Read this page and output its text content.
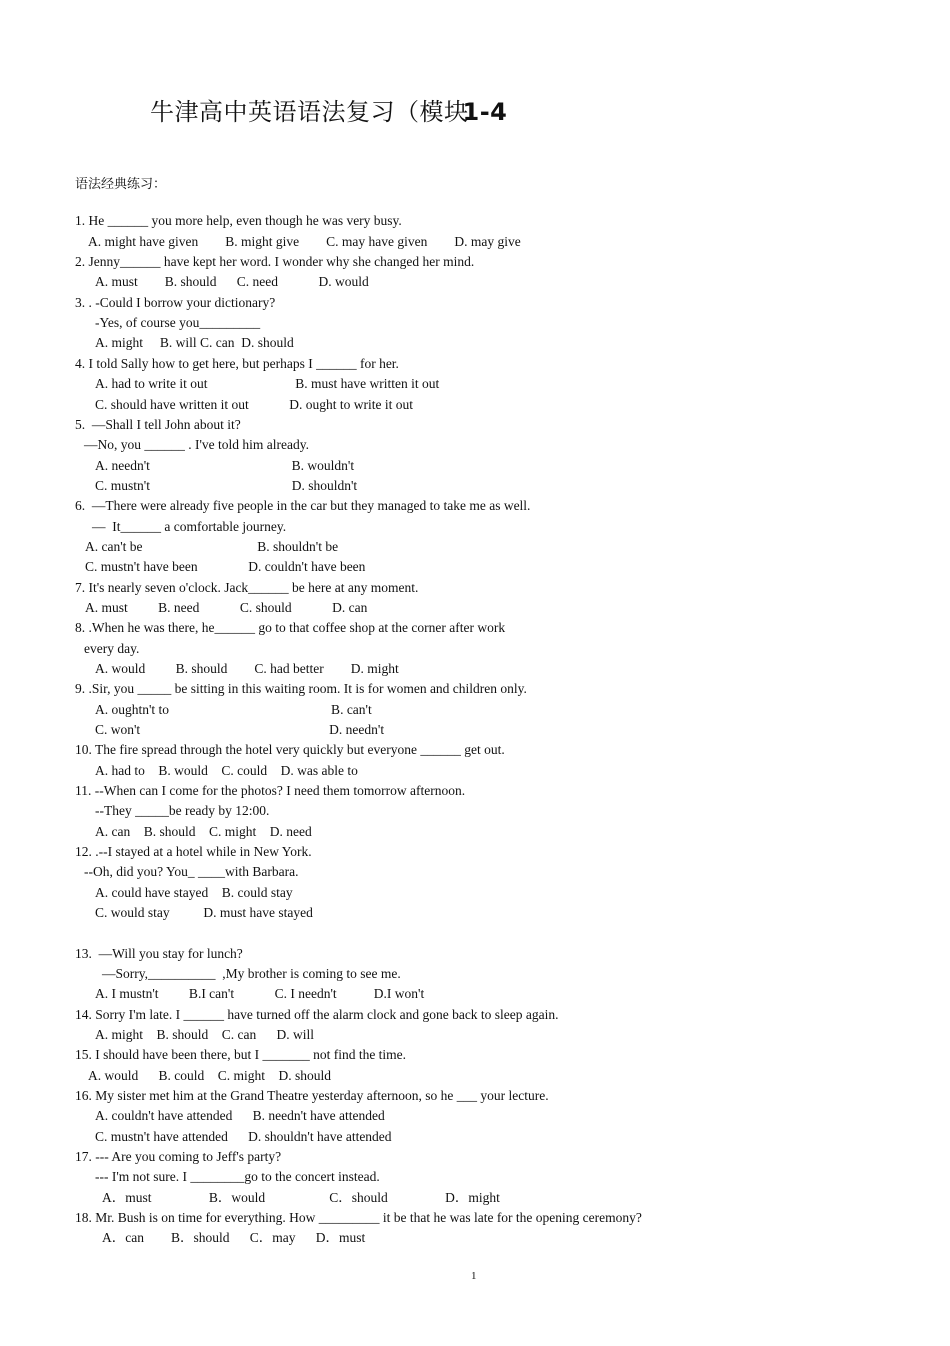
牛津高中英语语法复习（模块1-4
语法经典练习：
1. He ______ you more help, even though he was very busy.
A. might have given        B. might give        C. may have given        D. may give
2. Jenny______ have kept her word. I wonder why she changed her mind.
A. must        B. should      C. need            D. would
3. . -Could I borrow your dictionary?
-Yes, of course you_________
A. might     B. will C. can  D. should
4. I told Sally how to get here, but perhaps I ______ for her.
A. had to write it out                          B. must have written it out
C. should have written it out            D. ought to write it out
5.  —Shall I tell John about it?
—No, you ______ . I've told him already.
A. needn't                                          B. wouldn't
C. mustn't                                          D. shouldn't
6.  —There were already five people in the car but they managed to take me as well.
—  It______ a comfortable journey.
A. can't be                                  B. shouldn't be
C. mustn't have been               D. couldn't have been
7. It's nearly seven o'clock. Jack______ be here at any moment.
A. must         B. need            C. should            D. can
8. .When he was there, he______ go to that coffee shop at the corner after work
every day.
A. would         B. should        C. had better        D. might
9. .Sir, you _____ be sitting in this waiting room. It is for women and children only.
A. oughtn't to                                                B. can't
C. won't                                                        D. needn't
10. The fire spread through the hotel very quickly but everyone ______ get out.
A. had to    B. would    C. could    D. was able to
11. --When can I come for the photos? I need them tomorrow afternoon.
--They _____be ready by 12:00.
A. can    B. should    C. might    D. need
12. .--I stayed at a hotel while in New York.
--Oh, did you? You_ ____with Barbara.
A. could have stayed    B. could stay
C. would stay          D. must have stayed
13.  —Will you stay for lunch?
—Sorry,__________  ,My brother is coming to see me.
A. I mustn't         B.I can't            C. I needn't           D.I won't
14. Sorry I'm late. I ______ have turned off the alarm clock and gone back to sleep again.
A. might    B. should    C. can      D. will
15. I should have been there, but I _______ not find the time.
A. would      B. could    C. might    D. should
16. My sister met him at the Grand Theatre yesterday afternoon, so he ___ your lecture.
A. couldn't have attended      B. needn't have attended
C. mustn't have attended      D. shouldn't have attended
17. --- Are you coming to Jeff's party?
--- I'm not sure. I ________go to the concert instead.
A．must                 B．would                   C．should                 D．might
18. Mr. Bush is on time for everything. How _________ it be that he was late for the opening ceremony?
A．can        B．should      C．may      D．must
1
